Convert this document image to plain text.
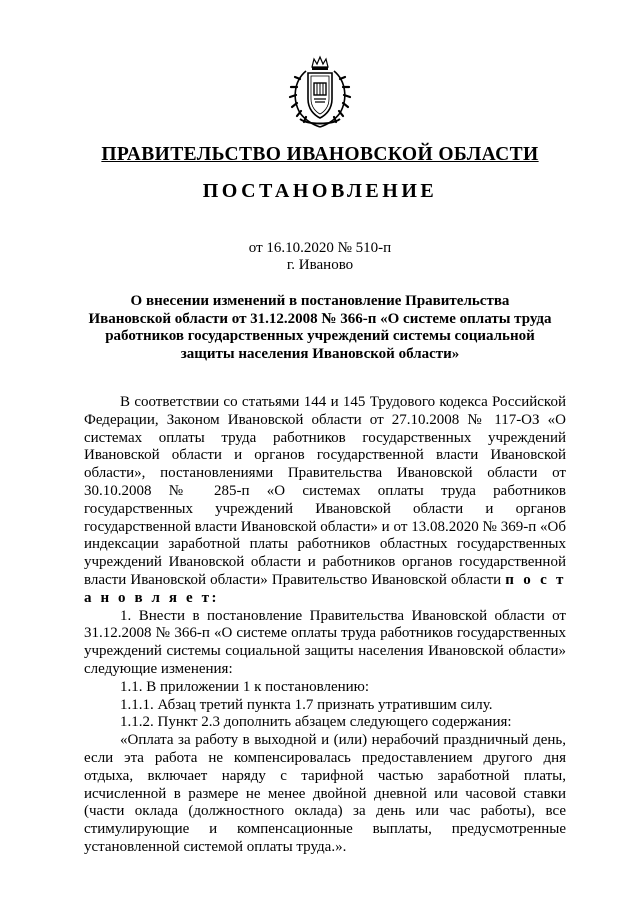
ПРАВИТЕЛЬСТВО ИВАНОВСКОЙ ОБЛАСТИ
ПОСТАНОВЛЕНИЕ
от 16.10.2020 № 510-п
г. Иваново
О внесении изменений в постановление Правительства
Ивановской области от 31.12.2008 № 366-п «О системе оплаты труда
работников государственных учреждений системы социальной
защиты населения Ивановской области»

В соответствии со статьями 144 и 145 Трудового кодекса Российской Федерации, Законом Ивановской области от 27.10.2008 № 117-ОЗ «О системах оплаты труда работников государственных учреждений Ивановской области и органов государственной власти Ивановской области», постановлениями Правительства Ивановской области от 30.10.2008 № 285-п «О системах оплаты труда работников государственных учреждений Ивановской области и органов государственной власти Ивановской области» и от 13.08.2020 № 369-п «Об индексации заработной платы работников областных государственных учреждений Ивановской области и работников органов государственной власти Ивановской области» Правительство Ивановской области п о с т а н о в л я е т:

1. Внести в постановление Правительства Ивановской области от 31.12.2008 № 366-п «О системе оплаты труда работников государственных учреждений системы социальной защиты населения Ивановской области» следующие изменения:

1.1. В приложении 1 к постановлению:

1.1.1. Абзац третий пункта 1.7 признать утратившим силу.

1.1.2. Пункт 2.3 дополнить абзацем следующего содержания:

«Оплата за работу в выходной и (или) нерабочий праздничный день, если эта работа не компенсировалась предоставлением другого дня отдыха, включает наряду с тарифной частью заработной платы, исчисленной в размере не менее двойной дневной или часовой ставки (части оклада (должностного оклада) за день или час работы), все стимулирующие и компенсационные выплаты, предусмотренные установленной системой оплаты труда.».
